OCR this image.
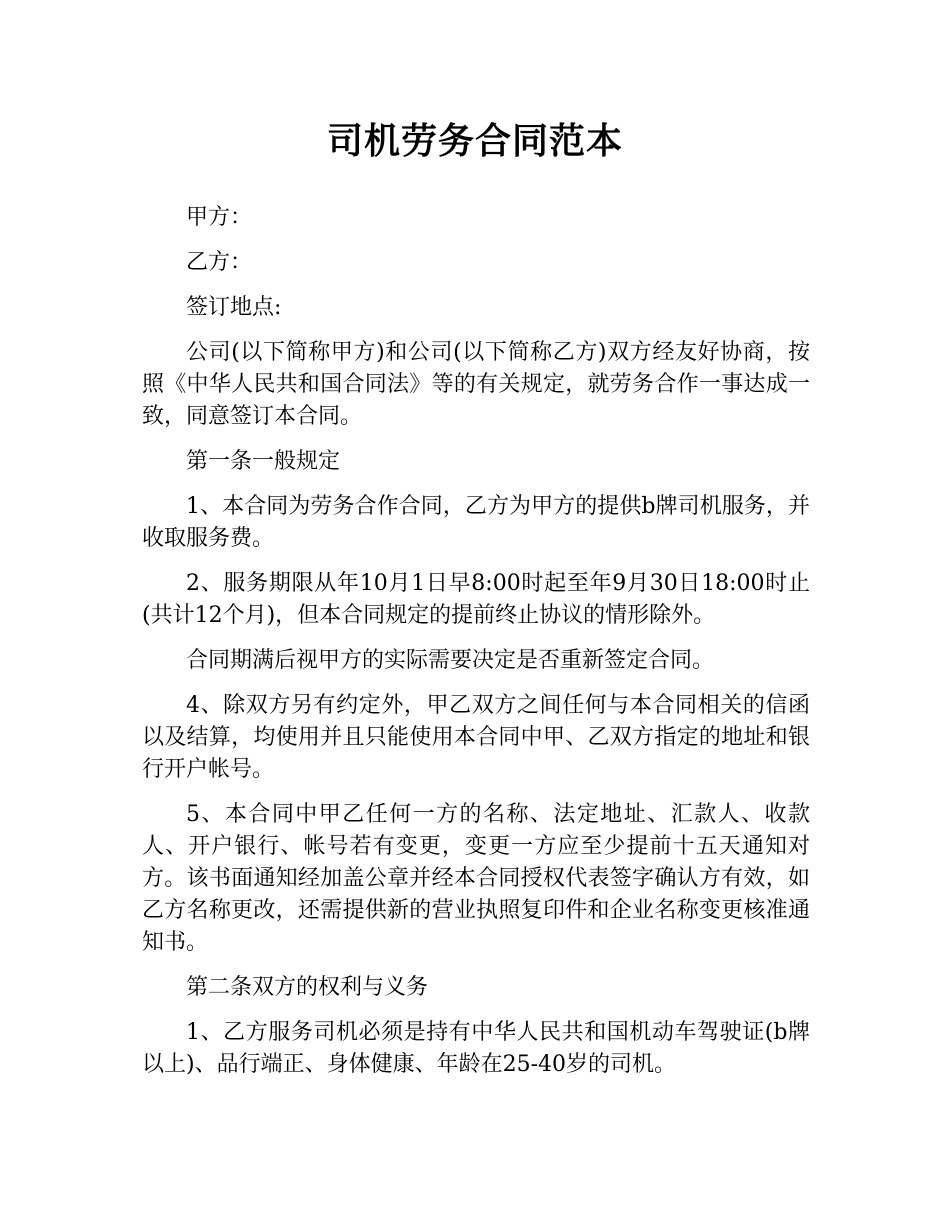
司机劳务合同范本

甲方：

乙方：

签订地点:

公司(以下简称甲方)和公司(以下简称乙方)双方经友好协商，按照《中华人民共和国合同法》等的有关规定，就劳务合作一事达成一致，同意签订本合同。

第一条一般规定

1、本合同为劳务合作合同，乙方为甲方的提供b牌司机服务，并收取服务费。

2、服务期限从年10月1日早8:00时起至年9月30日18:00时止(共计12个月)，但本合同规定的提前终止协议的情形除外。

合同期满后视甲方的实际需要决定是否重新签定合同。

4、除双方另有约定外，甲乙双方之间任何与本合同相关的信函以及结算，均使用并且只能使用本合同中甲、乙双方指定的地址和银行开户帐号。

5、本合同中甲乙任何一方的名称、法定地址、汇款人、收款人、开户银行、帐号若有变更，变更一方应至少提前十五天通知对方。该书面通知经加盖公章并经本合同授权代表签字确认方有效，如乙方名称更改，还需提供新的营业执照复印件和企业名称变更核准通知书。

第二条双方的权利与义务

1、乙方服务司机必须是持有中华人民共和国机动车驾驶证(b牌以上)、品行端正、身体健康、年龄在25-40岁的司机。
